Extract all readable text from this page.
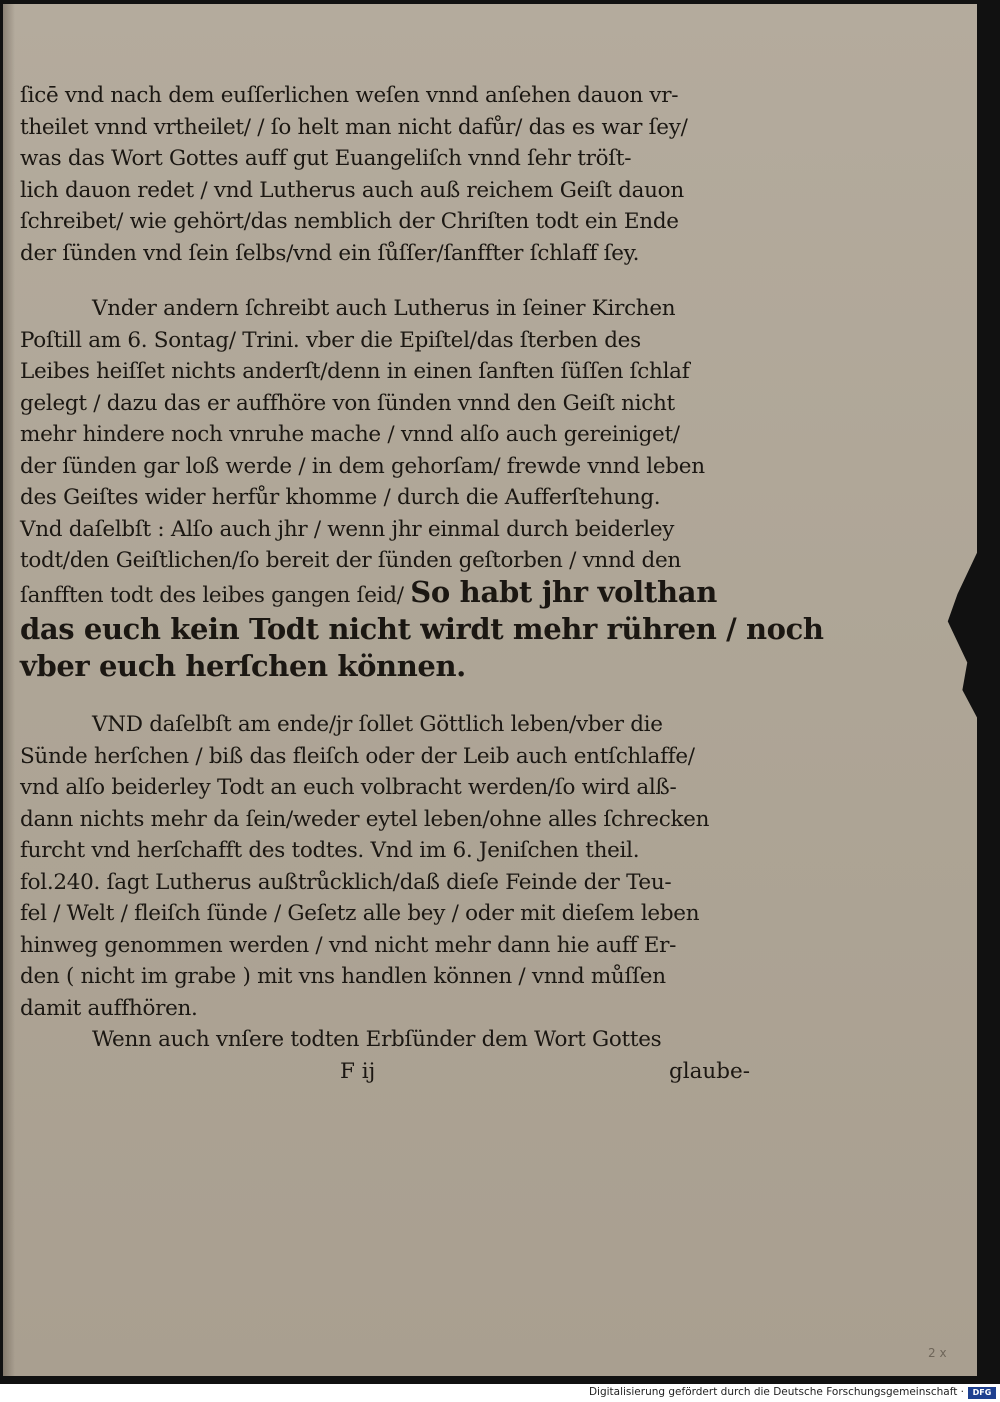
ſicē vnd nach dem euſſerlichen weſen vnnd anſehen dauon vr-
theilet vnnd vrtheilet/ / ſo helt man nicht dafůr/ das es war ſey/
was das Wort Gottes auff gut Euangeliſch vnnd ſehr tröſt-
lich dauon redet / vnd Lutherus auch auß reichem Geiſt dauon
ſchreibet/ wie gehört/das nemblich der Chriſten todt ein Ende
der ſünden vnd ſein ſelbs/vnd ein ſůſſer/ſanffter ſchlaff ſey.
Vnder andern ſchreibt auch Lutherus in ſeiner Kirchen
Poſtill am 6. Sontag/ Trini. vber die Epiſtel/das ſterben des
Leibes heiſſet nichts anderſt/denn in einen ſanften ſüſſen ſchlaf
gelegt / dazu das er auffhöre von ſünden vnnd den Geiſt nicht
mehr hindere noch vnruhe mache / vnnd alſo auch gereiniget/
der ſünden gar loß werde / in dem gehorſam/ frewde vnnd leben
des Geiſtes wider herfůr khomme / durch die Aufferſtehung.
Vnd daſelbſt : Alſo auch jhr / wenn jhr einmal durch beiderley
todt/den Geiſtlichen/ſo bereit der ſünden geſtorben / vnnd den
ſanfften todt des leibes gangen ſeid/ So habt jhr volthan
das euch kein Todt nicht wirdt mehr rühren / noch
vber euch herſchen können.
VND daſelbſt am ende/jr ſollet Göttlich leben/vber die
Sünde herſchen / biß das fleiſch oder der Leib auch entſchlaffe/
vnd alſo beiderley Todt an euch volbracht werden/ſo wird alß-
dann nichts mehr da ſein/weder eytel leben/ohne alles ſchrecken
furcht vnd herſchafft des todtes. Vnd im 6. Jeniſchen theil.
fol.240. ſagt Lutherus außtrůcklich/daß dieſe Feinde der Teu-
fel / Welt / fleiſch ſünde / Geſetz alle bey / oder mit dieſem leben
hinweg genommen werden / vnd nicht mehr dann hie auff Er-
den ( nicht im grabe ) mit vns handlen können / vnnd můſſen
damit auffhören.
Wenn auch vnſere todten Erbſünder dem Wort Gottes
F ij	glaube-
2 x
Digitalisierung gefördert durch die Deutsche Forschungsgemeinschaft ·	DFG
